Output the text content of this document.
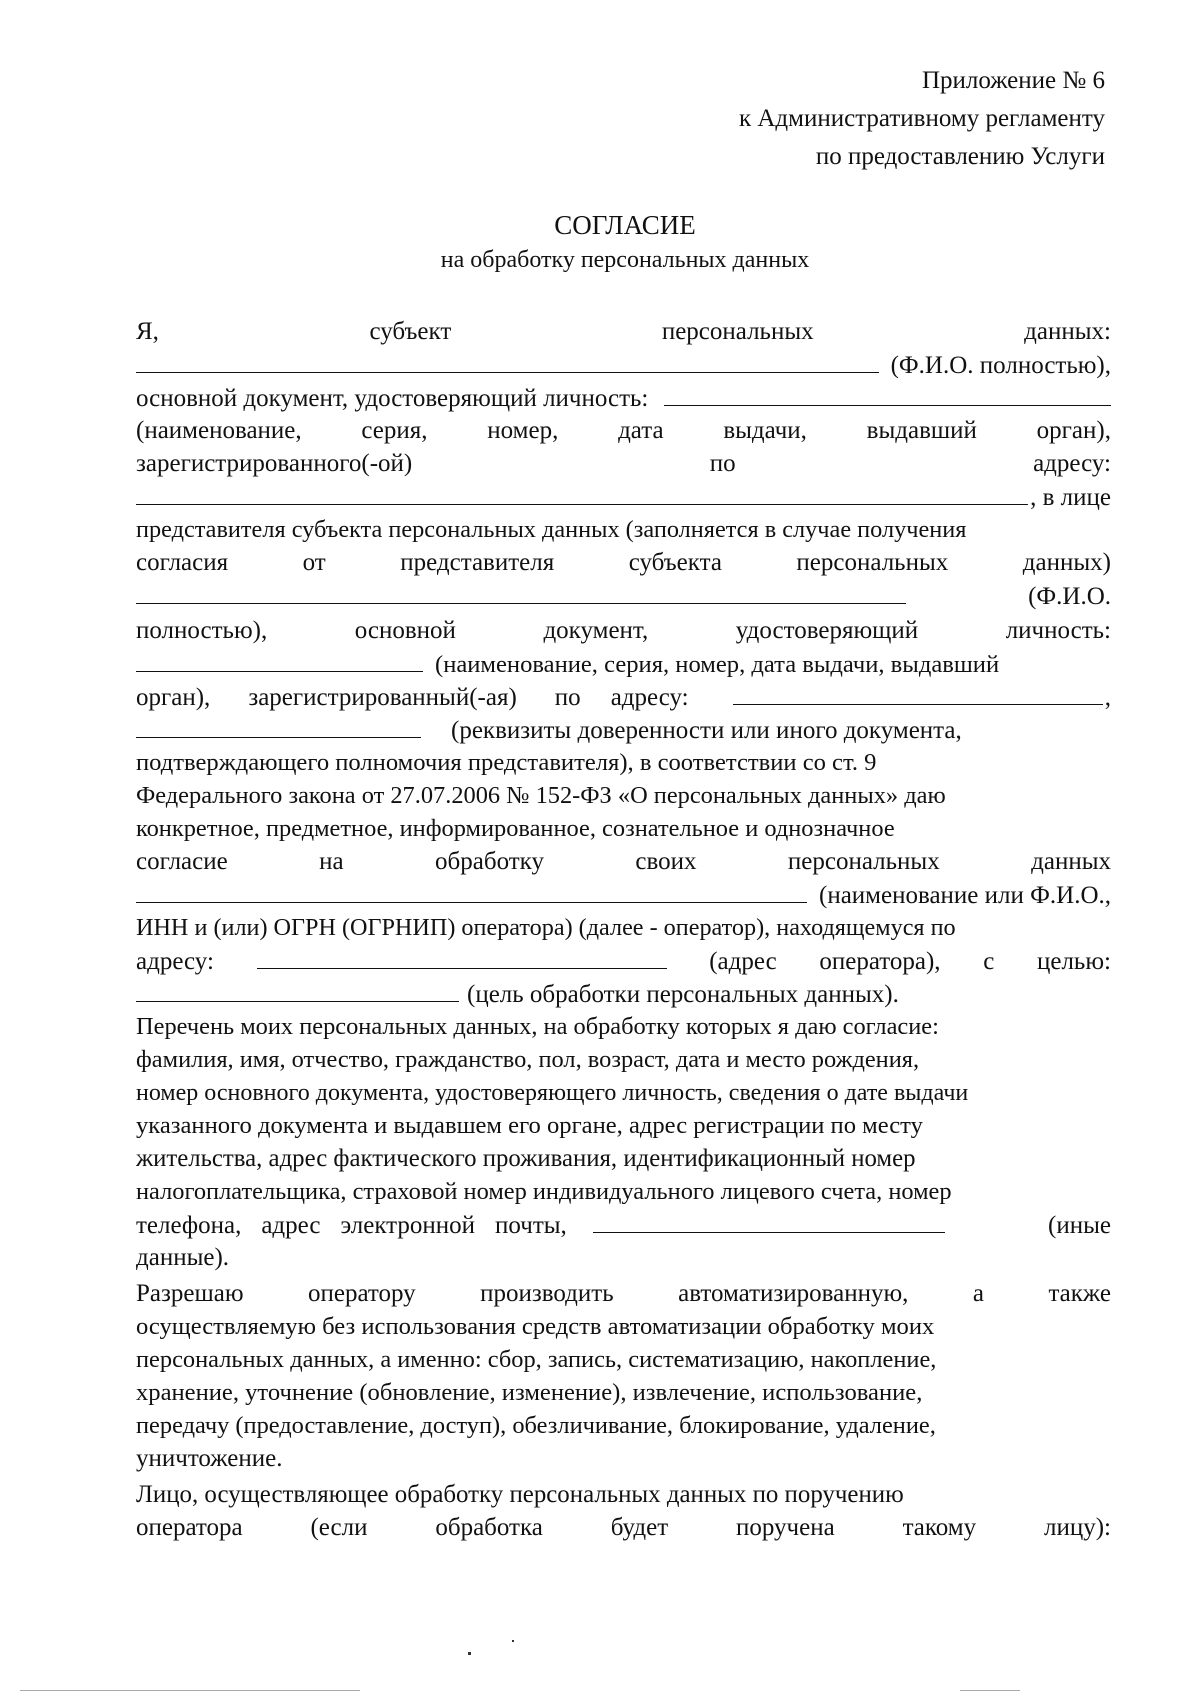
Приложение № 6
к Административному регламенту
по предоставлению Услуги
СОГЛАСИЕ
на обработку персональных данных
Я,	субъект	персональных	данных:
(Ф.И.О. полностью),
основной документ, удостоверяющий личность:
(наименование, серия, номер, дата выдачи, выдавший орган),
зарегистрированного(-ой)	по	адресу:
, в лице
представителя субъекта персональных данных (заполняется в случае получения
согласия	от	представителя	субъекта	персональных	данных)
(Ф.И.О.
полностью),	основной	документ,	удостоверяющий	личность:
(наименование, серия, номер, дата выдачи, выдавший
орган), зарегистрированный(-ая) по адресу:	,
(реквизиты доверенности или иного документа,
подтверждающего полномочия представителя), в соответствии со ст. 9
Федерального закона от 27.07.2006 № 152-ФЗ «О персональных данных» даю
конкретное, предметное, информированное, сознательное и однозначное
согласие	на	обработку	своих	персональных	данных
(наименование или Ф.И.О.,
ИНН и (или) ОГРН (ОГРНИП) оператора) (далее - оператор), находящемуся по
адресу:	(адрес оператора), с целью:
(цель обработки персональных данных).
Перечень моих персональных данных, на обработку которых я даю согласие:
фамилия, имя, отчество, гражданство, пол, возраст, дата и место рождения,
номер основного документа, удостоверяющего личность, сведения о дате выдачи
указанного документа и выдавшем его органе, адрес регистрации по месту
жительства, адрес фактического проживания, идентификационный номер
налогоплательщика, страховой номер индивидуального лицевого счета, номер
телефона, адрес электронной почты,	(иные
данные).
Разрешаю	оператору	производить	автоматизированную,	а	также
осуществляемую без использования средств автоматизации обработку моих
персональных данных, а именно: сбор, запись, систематизацию, накопление,
хранение, уточнение (обновление, изменение), извлечение, использование,
передачу (предоставление, доступ), обезличивание, блокирование, удаление,
уничтожение.
Лицо, осуществляющее обработку персональных данных по поручению
оператора	(если	обработка	будет	поручена	такому	лицу):
